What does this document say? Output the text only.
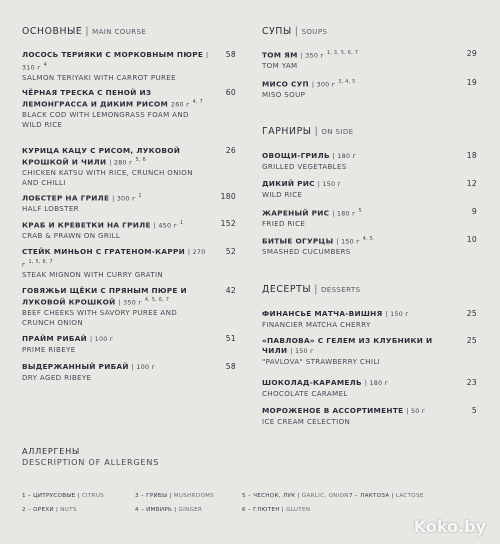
ОСНОВНЫЕ | MAIN COURSE
ЛОСОСЬ ТЕРИЯКИ С МОРКОВНЫМ ПЮРЕ | 310 г $^4$
SALMON TERIYAKI WITH CARROT PUREE
58
ЧЁРНАЯ ТРЕСКА С ПЕНОЙ ИЗ ЛЕМОНГРАССА И ДИКИМ РИСОМ 260 г $^{4, 7}$
BLACK COD WITH LEMONGRASS FOAM AND WILD RICE
60
КУРИЦА КАЦУ С РИСОМ, ЛУКОВОЙ КРОШКОЙ И ЧИЛИ | 280 г $^{5, 6}$
CHICKEN KATSU WITH RICE, CRUNCH ONION AND CHILLI
26
ЛОБСТЕР НА ГРИЛЕ | 300 г $^1$
HALF LOBSTER
180
КРАБ И КРЕВЕТКИ НА ГРИЛЕ | 450 г $^1$
CRAB & PRAWN ON GRILL
152
СТЕЙК МИНЬОН С ГРАТЕНОМ-КАРРИ | 270 г $^{1, 5, 6, 7}$
STEAK MIGNON WITH CURRY GRATIN
52
ГОВЯЖЬИ ЩЁКИ С ПРЯНЫМ ПЮРЕ И ЛУКОВОЙ КРОШКОЙ | 350 г $^{4, 5, 6, 7}$
BEEF CHEEKS WITH SAVORY PUREE AND CRUNCH ONION
42
ПРАЙМ РИБАЙ | 100 г
PRIME RIBEYE
51
ВЫДЕРЖАННЫЙ РИБАЙ | 100 г
DRY AGED RIBEYE
58
СУПЫ | SOUPS
ТОМ ЯМ | 350 г $^{1, 3, 5, 6, 7}$
TOM YAM
29
МИСО СУП | 300 г $^{3, 4, 5}$
MISO SOUP
19
ГАРНИРЫ | ON SIDE
ОВОЩИ-ГРИЛЬ | 180 г
GRILLED VEGETABLES
18
ДИКИЙ РИС | 150 г
WILD RICE
12
ЖАРЕНЫЙ РИС | 180 г $^5$
FRIED RICE
9
БИТЫЕ ОГУРЦЫ | 150 г $^{4, 5}$
SMASHED CUCUMBERS
10
ДЕСЕРТЫ | DESSERTS
ФИНАНСЬЕ МАТЧА-ВИШНЯ | 150 г
FINANCIER MATCHA CHERRY
25
«ПАВЛОВА» С ГЕЛЕМ ИЗ КЛУБНИКИ И ЧИЛИ | 150 г
"PAVLOVA" STRAWBERRY CHILI
25
ШОКОЛАД-КАРАМЕЛЬ | 180 г
CHOCOLATE CARAMEL
23
МОРОЖЕНОЕ В АССОРТИМЕНТЕ | 50 г
ICE CREAM CELECTION
5
АЛЛЕРГЕНЫ
DESCRIPTION OF ALLERGENS
1 – ЦИТРУСОВЫЕ | CITRUS	3 – ГРИБЫ | MUSHROOMS	5 – ЧЕСНОК, ЛУК | GARLIC, ONION 7 – ЛАКТОЗА | LACTOSE
2 – ОРЕХИ | NUTS	4 – ИМБИРЬ | GINGER	6 – ГЛЮТЕН | GLUTEN
Koko.by
